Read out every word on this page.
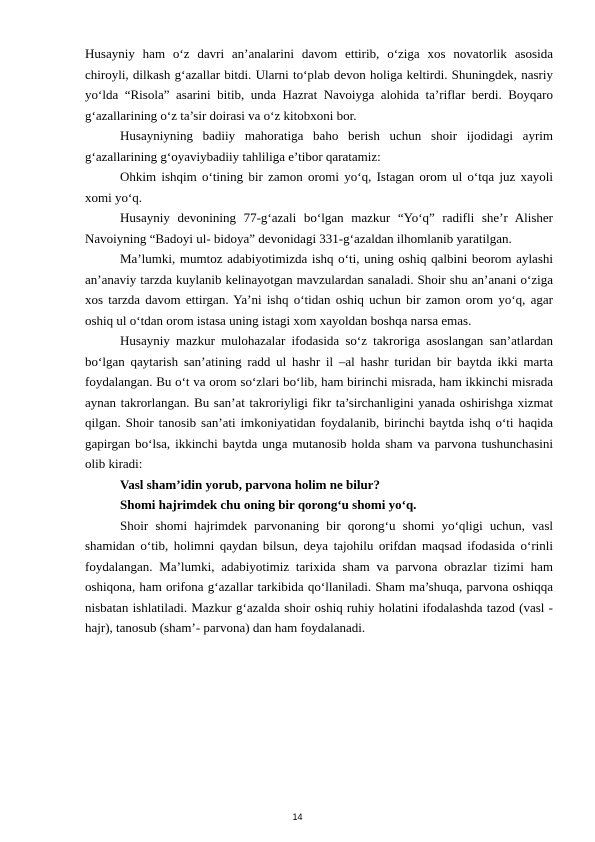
Husayniy ham o‘z davri an’analarini davom ettirib, o‘ziga xos novatorlik asosida chiroyli, dilkash g‘azallar bitdi. Ularni to‘plab devon holiga keltirdi. Shuningdek, nasriy yo‘lda “Risola” asarini bitib, unda Hazrat Navoiyga alohida ta’riflar berdi. Boyqaro g‘azallarining o‘z ta’sir doirasi va o‘z kitobxoni bor.

Husayniyning badiiy mahoratiga baho berish uchun shoir ijodidagi ayrim g‘azallarining g‘oyaviybadiiy tahliliga e’tibor qaratamiz:

Ohkim ishqim o‘tining bir zamon oromi yo‘q, Istagan orom ul o‘tqa juz xayoli xomi yo‘q.

Husayniy devonining 77-g‘azali bo‘lgan mazkur “Yo‘q” radifli she’r Alisher Navoiyning “Badoyi ul- bidoya” devonidagi 331-g‘azaldan ilhomlanib yaratilgan.

Ma’lumki, mumtoz adabiyotimizda ishq o‘ti, uning oshiq qalbini beorom aylashi an’anaviy tarzda kuylanib kelinayotgan mavzulardan sanaladi. Shoir shu an’anani o‘ziga xos tarzda davom ettirgan. Ya’ni ishq o‘tidan oshiq uchun bir zamon orom yo‘q, agar oshiq ul o‘tdan orom istasa uning istagi xom xayoldan boshqa narsa emas.

Husayniy mazkur mulohazalar ifodasida so‘z takroriga asoslangan san’atlardan bo‘lgan qaytarish san’atining radd ul hashr il –al hashr turidan bir baytda ikki marta foydalangan. Bu o‘t va orom so‘zlari bo‘lib, ham birinchi misrada, ham ikkinchi misrada aynan takrorlangan. Bu san’at takroriyligi fikr ta’sirchanligini yanada oshirishga xizmat qilgan. Shoir tanosib san’ati imkoniyatidan foydalanib, birinchi baytda ishq o‘ti haqida gapirgan bo‘lsa, ikkinchi baytda unga mutanosib holda sham va parvona tushunchasini olib kiradi:

Vasl sham’idin yorub, parvona holim ne bilur?

Shomi hajrimdek chu oning bir qorong‘u shomi yo‘q.

Shoir shomi hajrimdek parvonaning bir qorong‘u shomi yo‘qligi uchun, vasl shamidan o‘tib, holimni qaydan bilsun, deya tajohilu orifdan maqsad ifodasida o‘rinli foydalangan. Ma’lumki, adabiyotimiz tarixida sham va parvona obrazlar tizimi ham oshiqona, ham orifona g‘azallar tarkibida qo‘llaniladi. Sham ma’shuqa, parvona oshiqqa nisbatan ishlatiladi. Mazkur g‘azalda shoir oshiq ruhiy holatini ifodalashda tazod (vasl - hajr), tanosub (sham’- parvona) dan ham foydalanadi.

14
